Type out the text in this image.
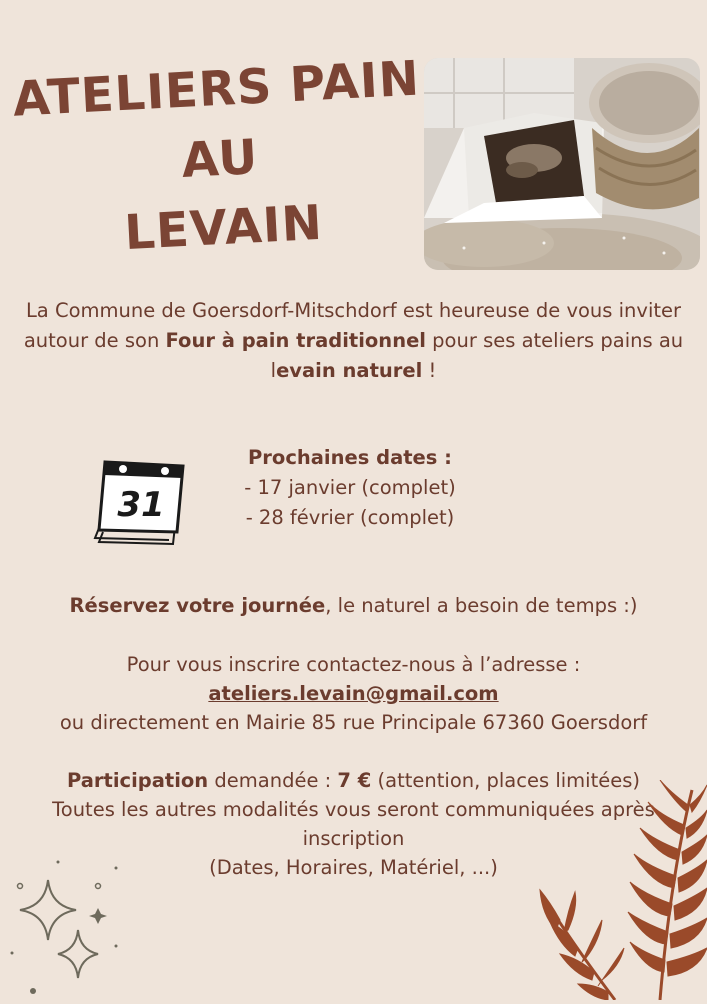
ATELIERS PAIN AU
LEVAIN
La Commune de Goersdorf-Mitschdorf est heureuse de vous inviter autour de son Four à pain traditionnel pour ses ateliers pains au levain naturel !
31
Prochaines dates :
- 17 janvier (complet)
- 28 février (complet)
Réservez votre journée, le naturel a besoin de temps :)
Pour vous inscrire contactez-nous à l’adresse :
ateliers.levain@gmail.com
ou directement en Mairie 85 rue Principale 67360 Goersdorf
Participation demandée : 7 € (attention, places limitées)
Toutes les autres modalités vous seront communiquées après inscription
(Dates, Horaires, Matériel, ...)
